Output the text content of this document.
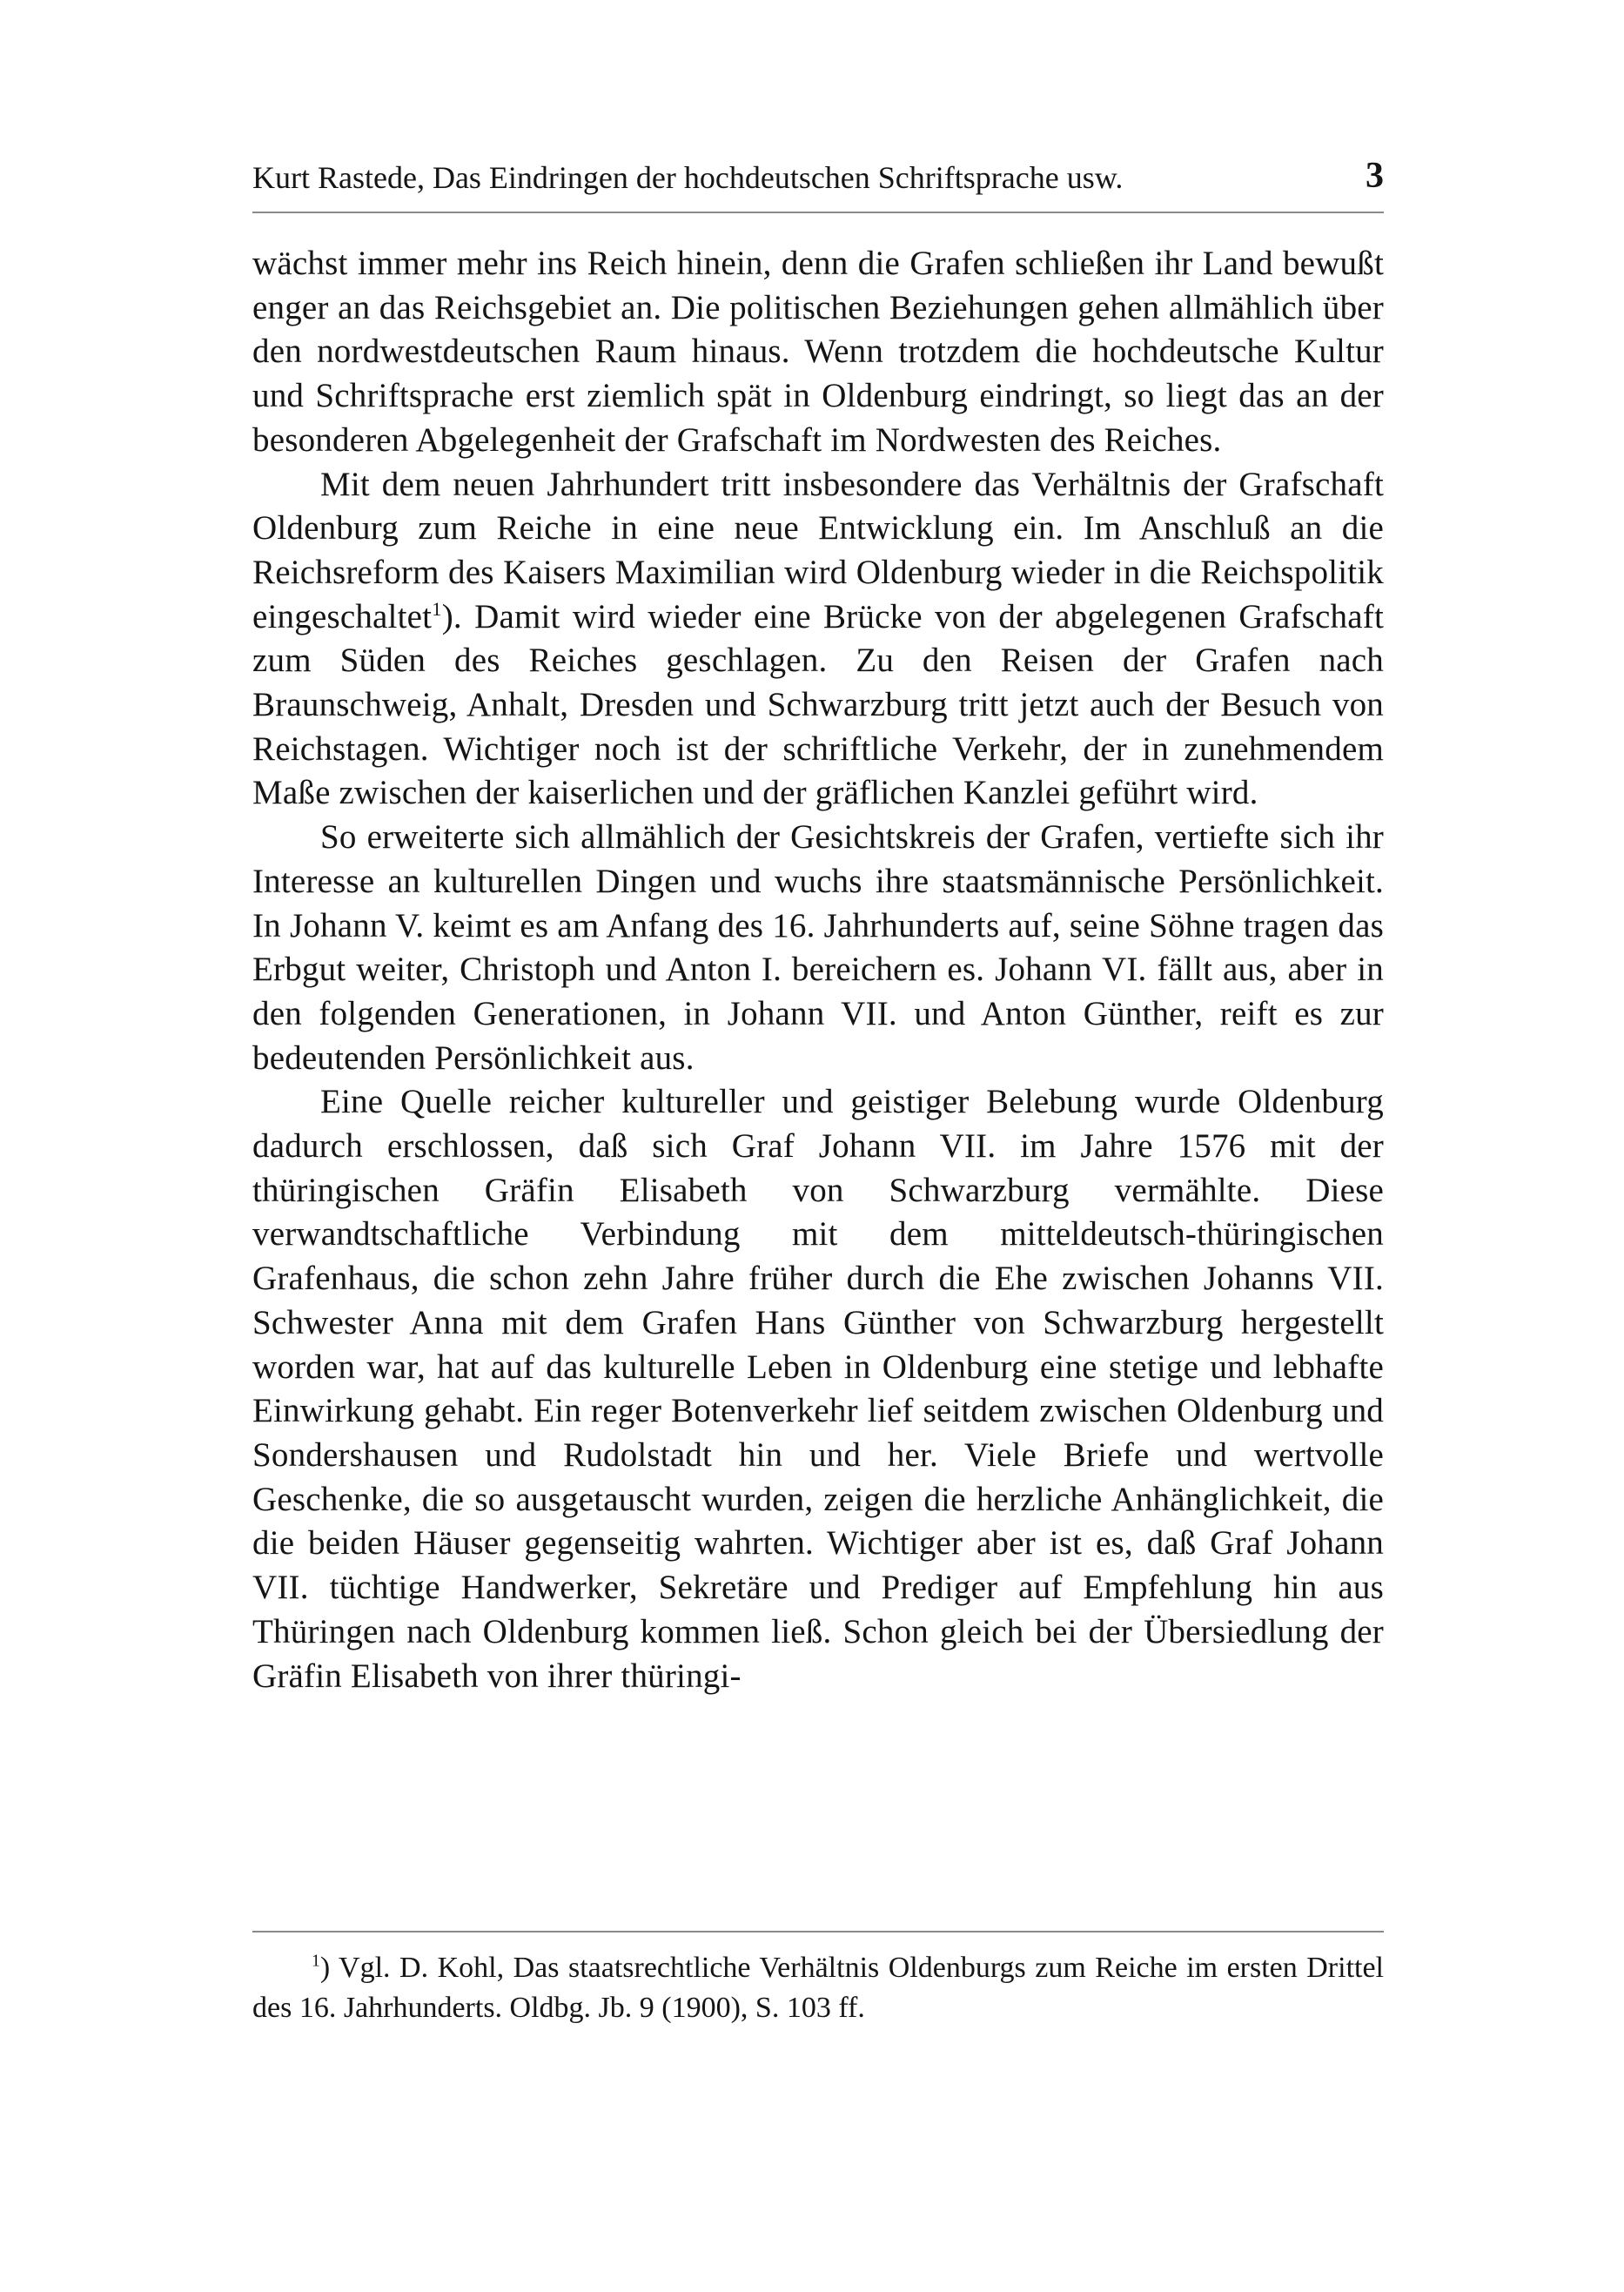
Kurt Rastede, Das Eindringen der hochdeutschen Schriftsprache usw.	3

wächst immer mehr ins Reich hinein, denn die Grafen schließen ihr Land bewußt enger an das Reichsgebiet an. Die politischen Beziehungen gehen allmählich über den nordwestdeutschen Raum hinaus. Wenn trotzdem die hochdeutsche Kultur und Schriftsprache erst ziemlich spät in Oldenburg eindringt, so liegt das an der besonderen Abgelegenheit der Grafschaft im Nordwesten des Reiches.

Mit dem neuen Jahrhundert tritt insbesondere das Verhältnis der Grafschaft Oldenburg zum Reiche in eine neue Entwicklung ein. Im Anschluß an die Reichsreform des Kaisers Maximilian wird Oldenburg wieder in die Reichspolitik eingeschaltet$^1$). Damit wird wieder eine Brücke von der abgelegenen Grafschaft zum Süden des Reiches geschlagen. Zu den Reisen der Grafen nach Braunschweig, Anhalt, Dresden und Schwarzburg tritt jetzt auch der Besuch von Reichstagen. Wichtiger noch ist der schriftliche Verkehr, der in zunehmendem Maße zwischen der kaiserlichen und der gräflichen Kanzlei geführt wird.

So erweiterte sich allmählich der Gesichtskreis der Grafen, vertiefte sich ihr Interesse an kulturellen Dingen und wuchs ihre staatsmännische Persönlichkeit. In Johann V. keimt es am Anfang des 16. Jahrhunderts auf, seine Söhne tragen das Erbgut weiter, Christoph und Anton I. bereichern es. Johann VI. fällt aus, aber in den folgenden Generationen, in Johann VII. und Anton Günther, reift es zur bedeutenden Persönlichkeit aus.

Eine Quelle reicher kultureller und geistiger Belebung wurde Oldenburg dadurch erschlossen, daß sich Graf Johann VII. im Jahre 1576 mit der thüringischen Gräfin Elisabeth von Schwarzburg vermählte. Diese verwandtschaftliche Verbindung mit dem mitteldeutsch-thüringischen Grafenhaus, die schon zehn Jahre früher durch die Ehe zwischen Johanns VII. Schwester Anna mit dem Grafen Hans Günther von Schwarzburg hergestellt worden war, hat auf das kulturelle Leben in Oldenburg eine stetige und lebhafte Einwirkung gehabt. Ein reger Botenverkehr lief seitdem zwischen Oldenburg und Sondershausen und Rudolstadt hin und her. Viele Briefe und wertvolle Geschenke, die so ausgetauscht wurden, zeigen die herzliche Anhänglichkeit, die die beiden Häuser gegenseitig wahrten. Wichtiger aber ist es, daß Graf Johann VII. tüchtige Handwerker, Sekretäre und Prediger auf Empfehlung hin aus Thüringen nach Oldenburg kommen ließ. Schon gleich bei der Übersiedlung der Gräfin Elisabeth von ihrer thüringi-

$^1$) Vgl. D. Kohl, Das staatsrechtliche Verhältnis Oldenburgs zum Reiche im ersten Drittel des 16. Jahrhunderts. Oldbg. Jb. 9 (1900), S. 103 ff.
